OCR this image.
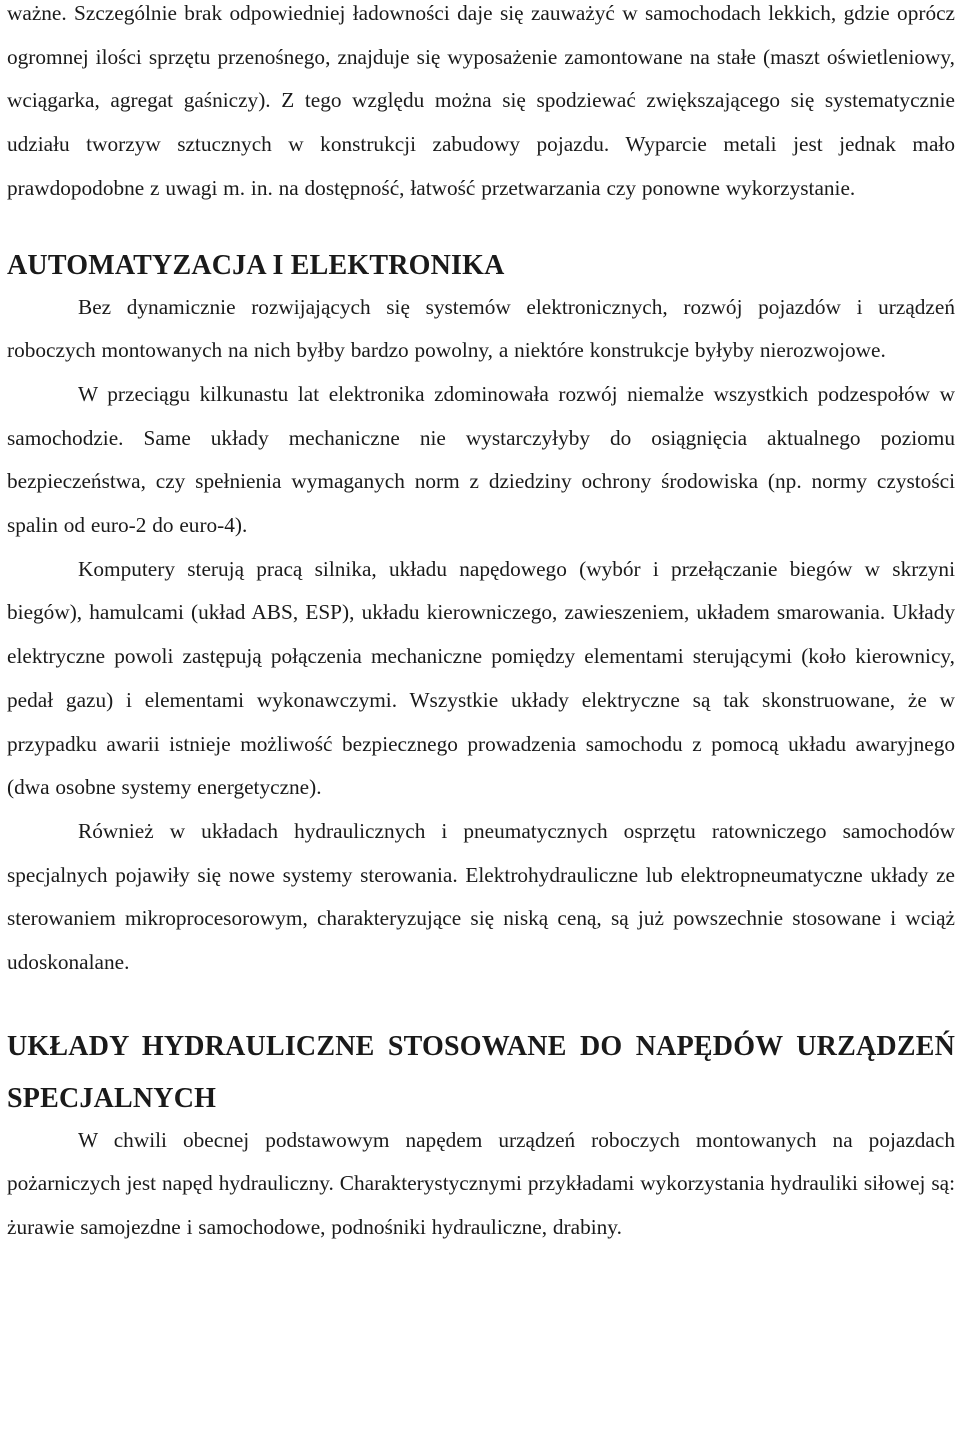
ważne. Szczególnie brak odpowiedniej ładowności daje się zauważyć w samochodach lekkich, gdzie oprócz ogromnej ilości sprzętu przenośnego, znajduje się wyposażenie zamontowane na stałe (maszt oświetleniowy, wciągarka, agregat gaśniczy). Z tego względu można się spodziewać zwiększającego się systematycznie udziału tworzyw sztucznych w konstrukcji zabudowy pojazdu. Wyparcie metali jest jednak mało prawdopodobne z uwagi m. in. na dostępność, łatwość przetwarzania czy ponowne wykorzystanie.

AUTOMATYZACJA I ELEKTRONIKA

Bez dynamicznie rozwijających się systemów elektronicznych, rozwój pojazdów i urządzeń roboczych montowanych na nich byłby bardzo powolny, a niektóre konstrukcje byłyby nierozwojowe.

W przeciągu kilkunastu lat elektronika zdominowała rozwój niemalże wszystkich podzespołów w samochodzie. Same układy mechaniczne nie wystarczyłyby do osiągnięcia aktualnego poziomu bezpieczeństwa, czy spełnienia wymaganych norm z dziedziny ochrony środowiska (np. normy czystości spalin od euro-2 do euro-4).

Komputery sterują pracą silnika, układu napędowego (wybór i przełączanie biegów w skrzyni biegów), hamulcami (układ ABS, ESP), układu kierowniczego, zawieszeniem, układem smarowania. Układy elektryczne powoli zastępują połączenia mechaniczne pomiędzy elementami sterującymi (koło kierownicy, pedał gazu) i elementami wykonawczymi. Wszystkie układy elektryczne są tak skonstruowane, że w przypadku awarii istnieje możliwość bezpiecznego prowadzenia samochodu z pomocą układu awaryjnego (dwa osobne systemy energetyczne).

Również w układach hydraulicznych i pneumatycznych osprzętu ratowniczego samochodów specjalnych pojawiły się nowe systemy sterowania. Elektrohydrauliczne lub elektropneumatyczne układy ze sterowaniem mikroprocesorowym, charakteryzujące się niską ceną, są już powszechnie stosowane i wciąż udoskonalane.

UKŁADY HYDRAULICZNE STOSOWANE DO NAPĘDÓW URZĄDZEŃ SPECJALNYCH

W chwili obecnej podstawowym napędem urządzeń roboczych montowanych na pojazdach pożarniczych jest napęd hydrauliczny. Charakterystycznymi przykładami wykorzystania hydrauliki siłowej są: żurawie samojezdne i samochodowe, podnośniki hydrauliczne, drabiny.
